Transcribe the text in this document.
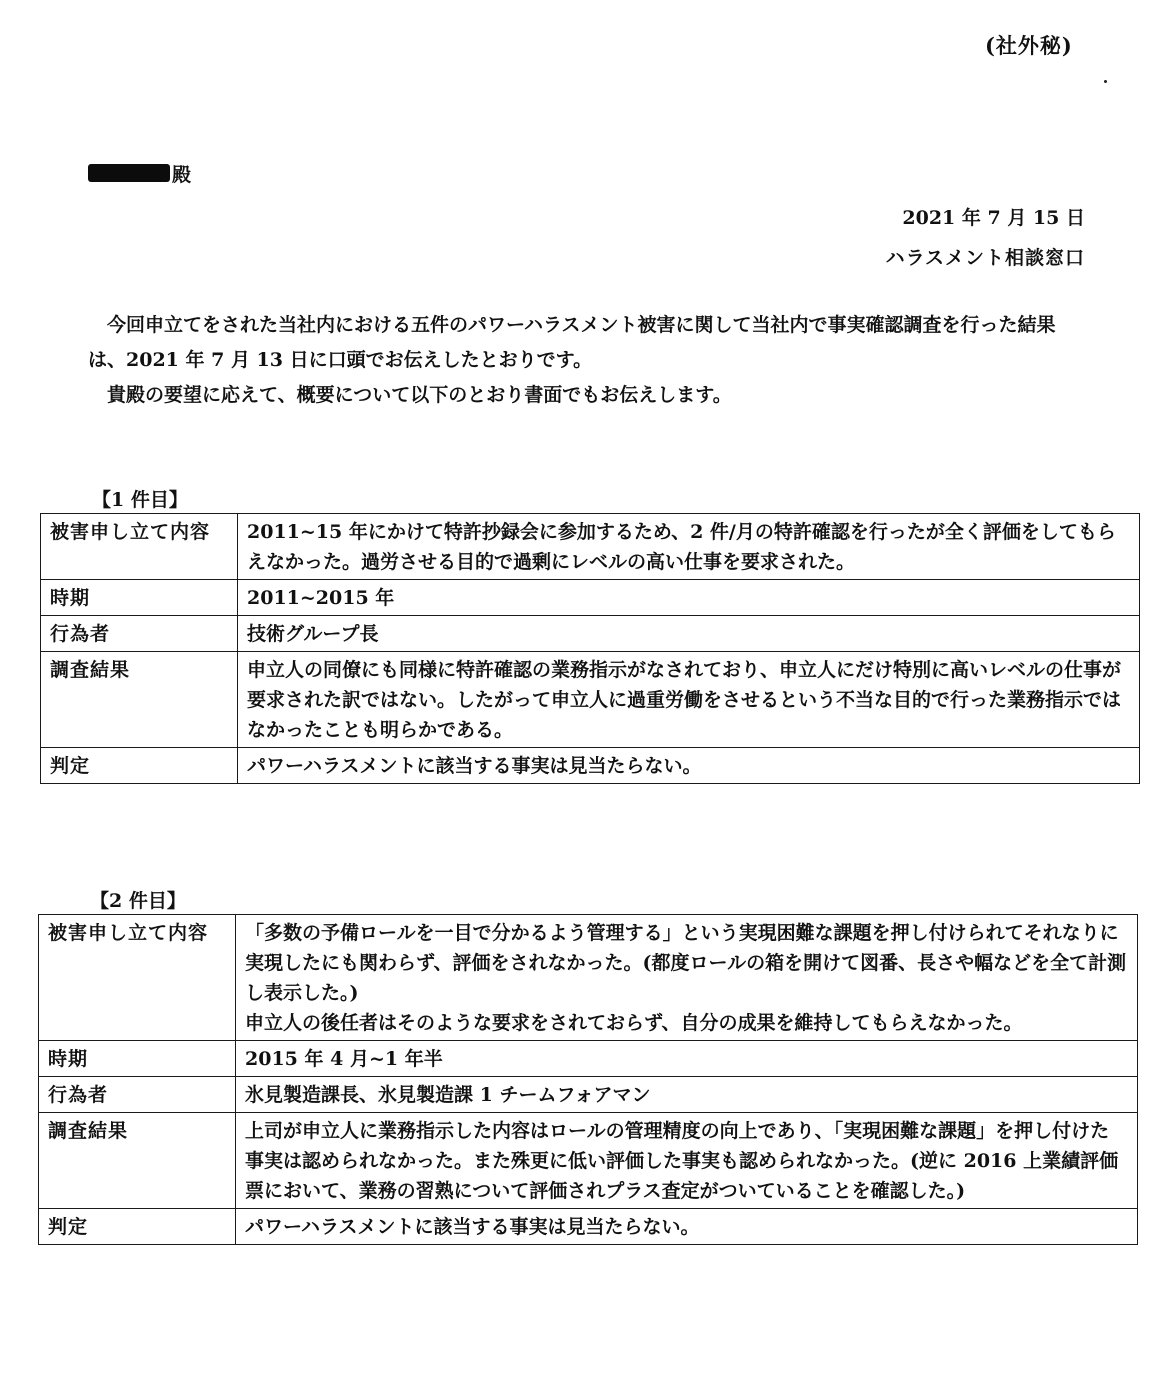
(社外秘)
殿
2021 年 7 月 15 日
ハラスメント相談窓口

今回申立てをされた当社内における五件のパワーハラスメント被害に関して当社内で事実確認調査を行った結果は、2021 年 7 月 13 日に口頭でお伝えしたとおりです。

貴殿の要望に応えて、概要について以下のとおり書面でもお伝えします。

【1 件目】
被害申し立て内容	2011~15 年にかけて特許抄録会に参加するため、2 件/月の特許確認を行ったが全く評価をしてもらえなかった。過労させる目的で過剰にレベルの高い仕事を要求された。
時期	2011~2015 年
行為者	技術グループ長
調査結果	申立人の同僚にも同様に特許確認の業務指示がなされており、申立人にだけ特別に高いレベルの仕事が要求された訳ではない。したがって申立人に過重労働をさせるという不当な目的で行った業務指示ではなかったことも明らかである。
判定	パワーハラスメントに該当する事実は見当たらない。
【2 件目】
被害申し立て内容	「多数の予備ロールを一目で分かるよう管理する」という実現困難な課題を押し付けられてそれなりに実現したにも関わらず、評価をされなかった。(都度ロールの箱を開けて図番、長さや幅などを全て計測し表示した。)

申立人の後任者はそのような要求をされておらず、自分の成果を維持してもらえなかった。

時期	2015 年 4 月~1 年半
行為者	氷見製造課長、氷見製造課 1 チームフォアマン
調査結果	上司が申立人に業務指示した内容はロールの管理精度の向上であり、「実現困難な課題」を押し付けた事実は認められなかった。また殊更に低い評価した事実も認められなかった。(逆に 2016 上業績評価票において、業務の習熟について評価されプラス査定がついていることを確認した。)
判定	パワーハラスメントに該当する事実は見当たらない。
